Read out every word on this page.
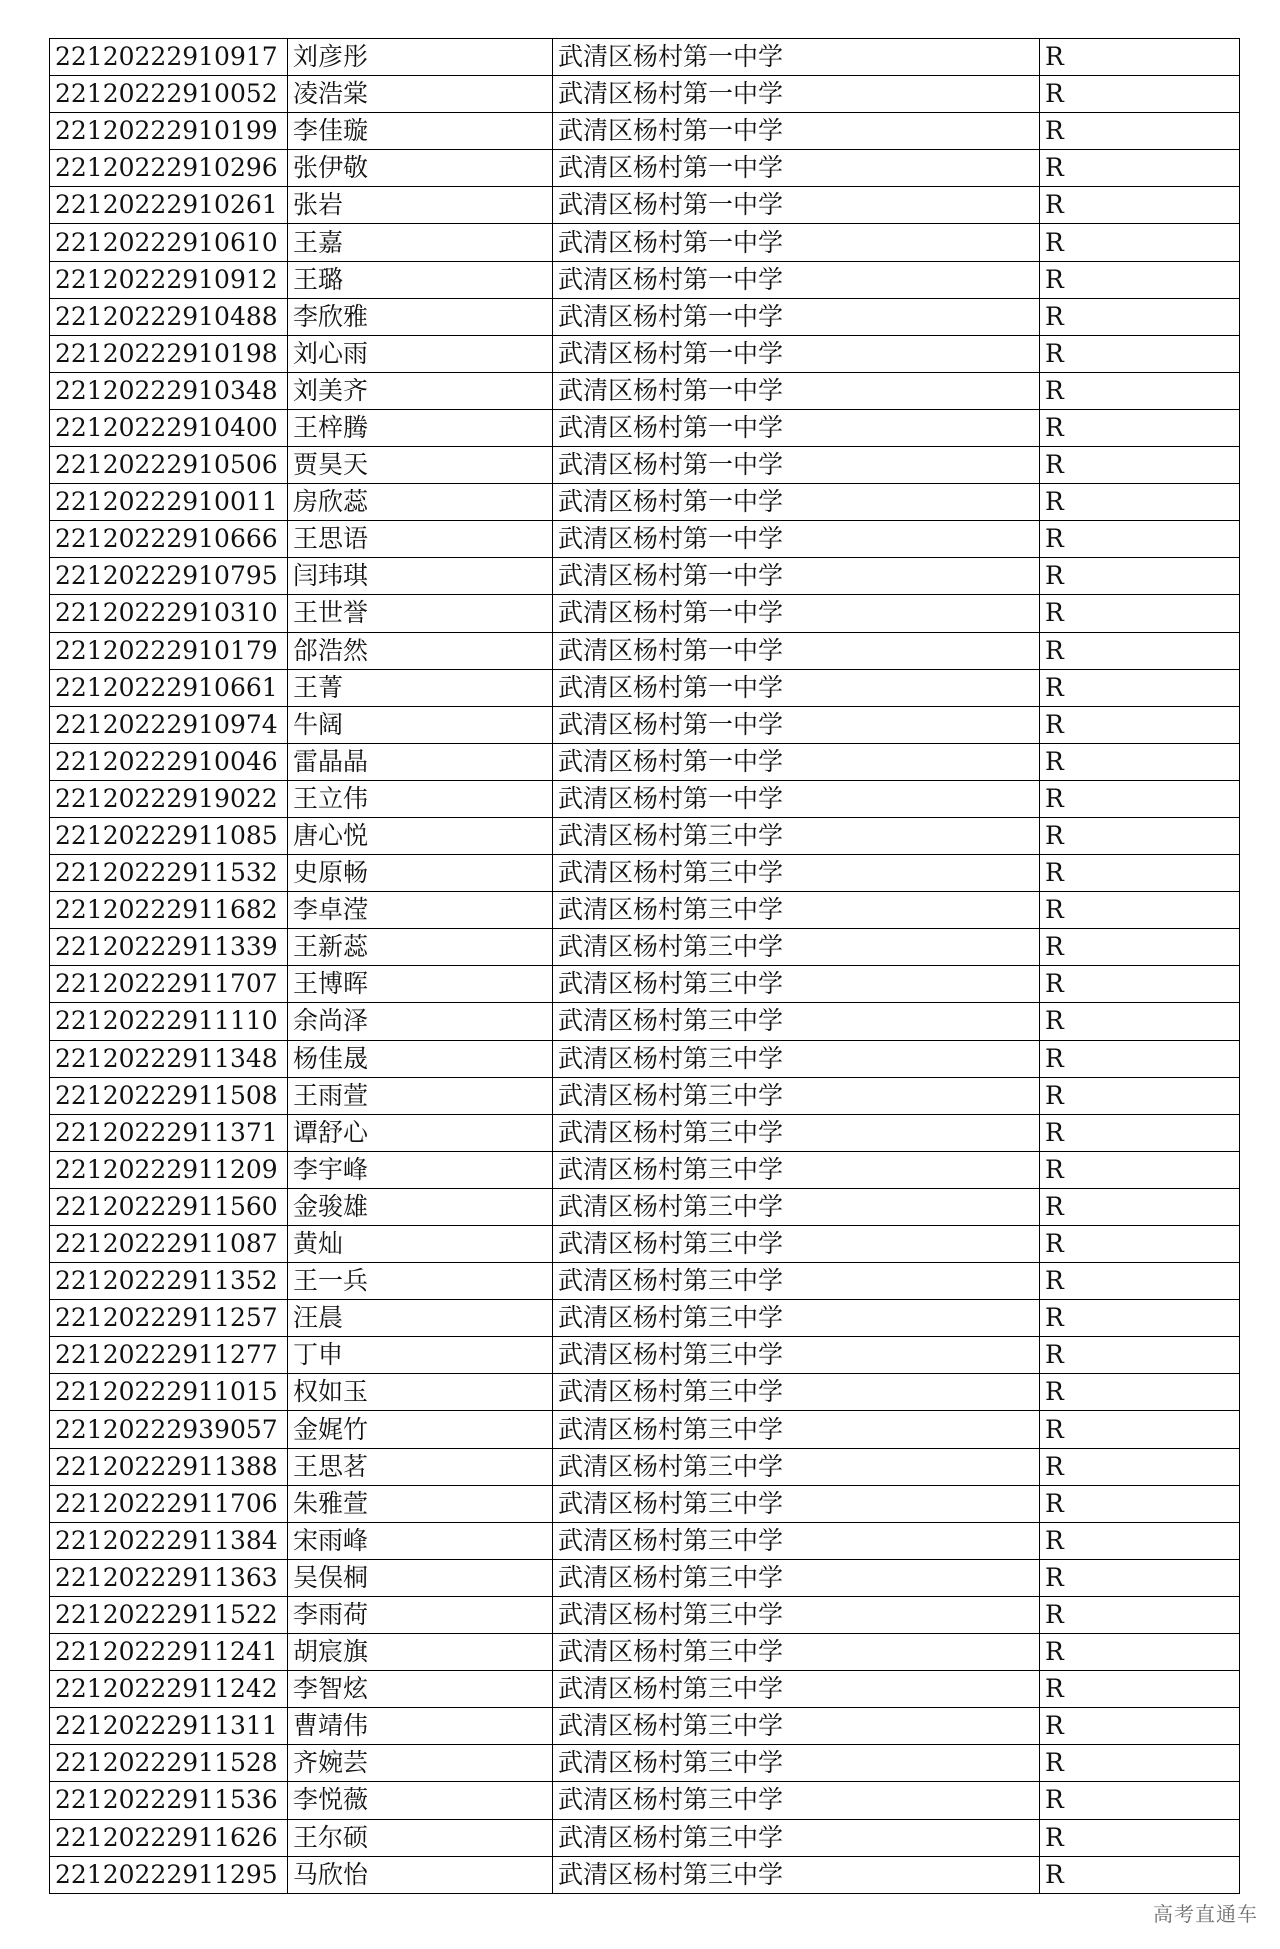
22120222910917	刘彦彤	武清区杨村第一中学	R
22120222910052	凌浩棠	武清区杨村第一中学	R
22120222910199	李佳璇	武清区杨村第一中学	R
22120222910296	张伊敬	武清区杨村第一中学	R
22120222910261	张岩	武清区杨村第一中学	R
22120222910610	王嘉	武清区杨村第一中学	R
22120222910912	王璐	武清区杨村第一中学	R
22120222910488	李欣雅	武清区杨村第一中学	R
22120222910198	刘心雨	武清区杨村第一中学	R
22120222910348	刘美齐	武清区杨村第一中学	R
22120222910400	王梓腾	武清区杨村第一中学	R
22120222910506	贾昊天	武清区杨村第一中学	R
22120222910011	房欣蕊	武清区杨村第一中学	R
22120222910666	王思语	武清区杨村第一中学	R
22120222910795	闫玮琪	武清区杨村第一中学	R
22120222910310	王世誉	武清区杨村第一中学	R
22120222910179	郃浩然	武清区杨村第一中学	R
22120222910661	王菁	武清区杨村第一中学	R
22120222910974	牛阔	武清区杨村第一中学	R
22120222910046	雷晶晶	武清区杨村第一中学	R
22120222919022	王立伟	武清区杨村第一中学	R
22120222911085	唐心悦	武清区杨村第三中学	R
22120222911532	史原畅	武清区杨村第三中学	R
22120222911682	李卓滢	武清区杨村第三中学	R
22120222911339	王新蕊	武清区杨村第三中学	R
22120222911707	王博晖	武清区杨村第三中学	R
22120222911110	余尚泽	武清区杨村第三中学	R
22120222911348	杨佳晟	武清区杨村第三中学	R
22120222911508	王雨萱	武清区杨村第三中学	R
22120222911371	谭舒心	武清区杨村第三中学	R
22120222911209	李宇峰	武清区杨村第三中学	R
22120222911560	金骏雄	武清区杨村第三中学	R
22120222911087	黄灿	武清区杨村第三中学	R
22120222911352	王一兵	武清区杨村第三中学	R
22120222911257	汪晨	武清区杨村第三中学	R
22120222911277	丁申	武清区杨村第三中学	R
22120222911015	权如玉	武清区杨村第三中学	R
22120222939057	金娓竹	武清区杨村第三中学	R
22120222911388	王思茗	武清区杨村第三中学	R
22120222911706	朱雅萱	武清区杨村第三中学	R
22120222911384	宋雨峰	武清区杨村第三中学	R
22120222911363	吴俣桐	武清区杨村第三中学	R
22120222911522	李雨荷	武清区杨村第三中学	R
22120222911241	胡宸旗	武清区杨村第三中学	R
22120222911242	李智炫	武清区杨村第三中学	R
22120222911311	曹靖伟	武清区杨村第三中学	R
22120222911528	齐婉芸	武清区杨村第三中学	R
22120222911536	李悦薇	武清区杨村第三中学	R
22120222911626	王尔硕	武清区杨村第三中学	R
22120222911295	马欣怡	武清区杨村第三中学	R
高考直通车
